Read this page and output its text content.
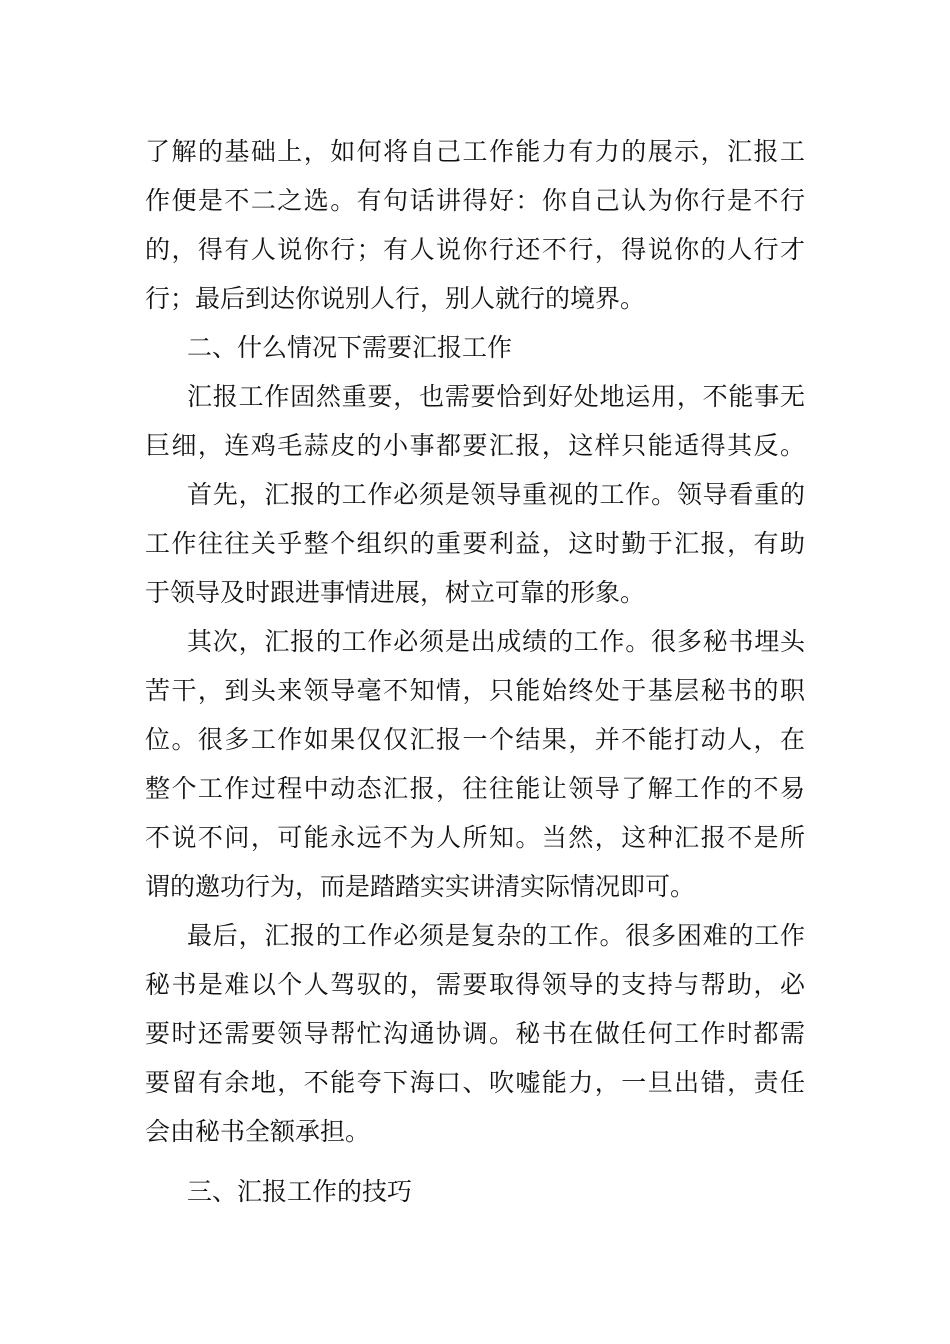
了解的基础上，如何将自己工作能力有力的展示，汇报工
作便是不二之选。有句话讲得好：你自己认为你行是不行
的，得有人说你行；有人说你行还不行，得说你的人行才
行；最后到达你说别人行，别人就行的境界。
二、什么情况下需要汇报工作
汇报工作固然重要，也需要恰到好处地运用，不能事无
巨细，连鸡毛蒜皮的小事都要汇报，这样只能适得其反。
首先，汇报的工作必须是领导重视的工作。领导看重的
工作往往关乎整个组织的重要利益，这时勤于汇报，有助
于领导及时跟进事情进展，树立可靠的形象。
其次，汇报的工作必须是出成绩的工作。很多秘书埋头
苦干，到头来领导毫不知情，只能始终处于基层秘书的职
位。很多工作如果仅仅汇报一个结果，并不能打动人，在
整个工作过程中动态汇报，往往能让领导了解工作的不易
不说不问，可能永远不为人所知。当然，这种汇报不是所
谓的邀功行为，而是踏踏实实讲清实际情况即可。
最后，汇报的工作必须是复杂的工作。很多困难的工作
秘书是难以个人驾驭的，需要取得领导的支持与帮助，必
要时还需要领导帮忙沟通协调。秘书在做任何工作时都需
要留有余地，不能夸下海口、吹嘘能力，一旦出错，责任
会由秘书全额承担。
三、汇报工作的技巧
